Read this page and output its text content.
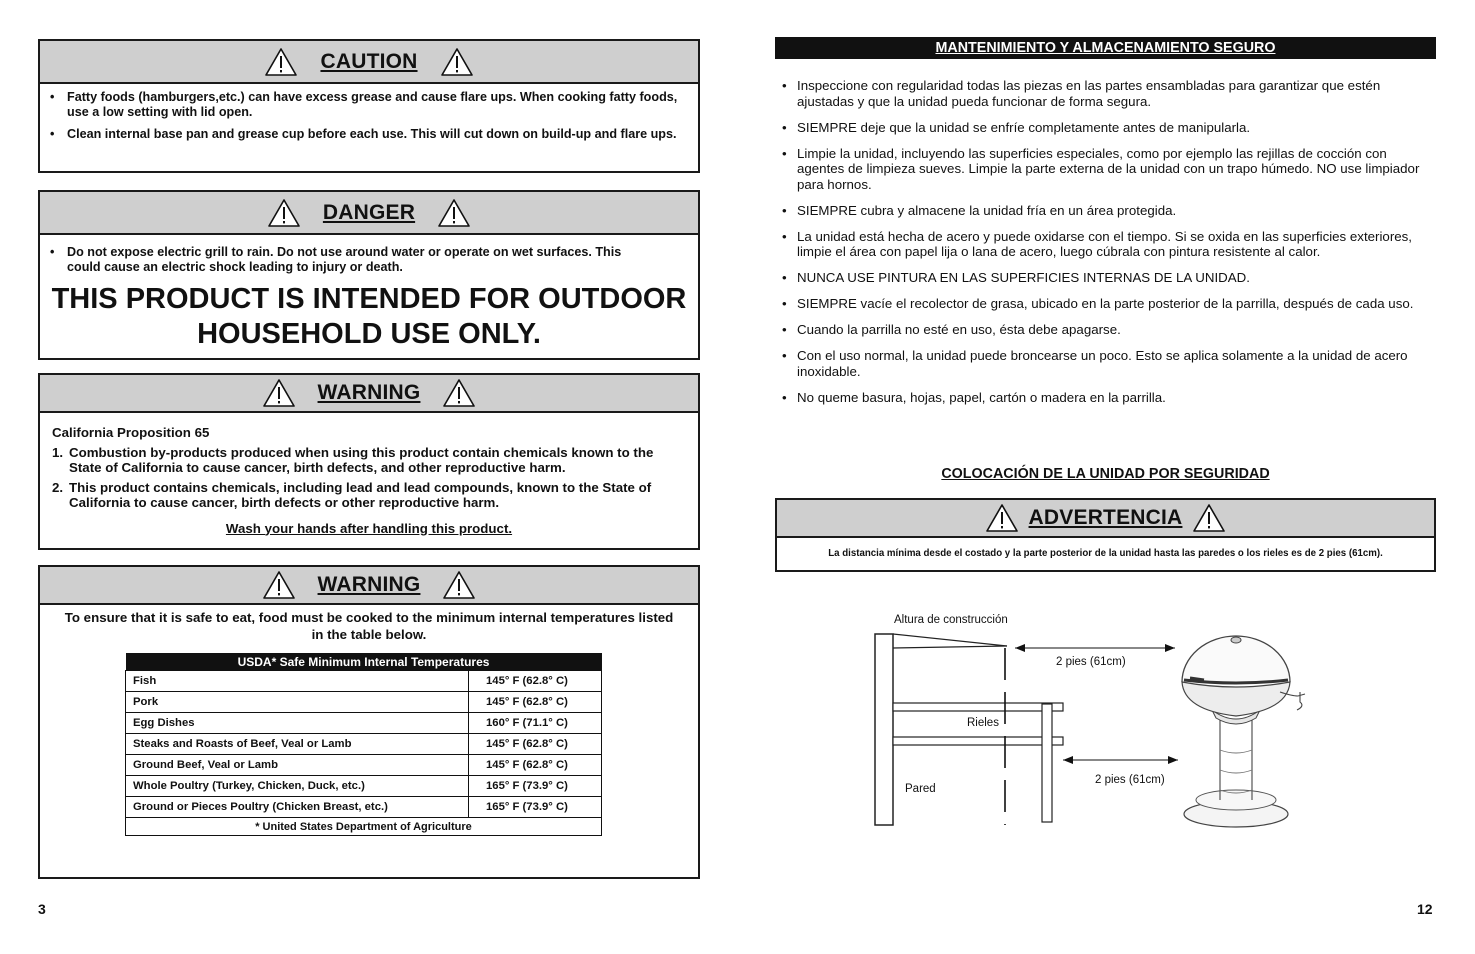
CAUTION
• Fatty foods (hamburgers,etc.) can have excess grease and cause flare ups. When cooking fatty foods, use a low setting with lid open.
• Clean internal base pan and grease cup before each use. This will cut down on build-up and flare ups.
DANGER
• Do not expose electric grill to rain. Do not use around water or operate on wet surfaces. This could cause an electric shock leading to injury or death.
THIS PRODUCT IS INTENDED FOR OUTDOOR
HOUSEHOLD USE ONLY.
WARNING
California Proposition 65
1. Combustion by-products produced when using this product contain chemicals known to the State of California to cause cancer, birth defects, and other reproductive harm.
2. This product contains chemicals, including lead and lead compounds, known to the State of California to cause cancer, birth defects or other reproductive harm.
Wash your hands after handling this product.
WARNING
To ensure that it is safe to eat, food must be cooked to the minimum internal temperatures listed in the table below.
USDA* Safe Minimum Internal Temperatures	
Fish	145° F (62.8° C)
Pork	145° F (62.8° C)
Egg Dishes	160° F (71.1° C)
Steaks and Roasts of Beef, Veal or Lamb	145° F (62.8° C)
Ground Beef, Veal or Lamb	145° F (62.8° C)
Whole Poultry (Turkey, Chicken, Duck, etc.)	165° F (73.9° C)
Ground or Pieces Poultry (Chicken Breast, etc.)	165° F (73.9° C)
* United States Department of Agriculture	
3
MANTENIMIENTO Y ALMACENAMIENTO SEGURO
• Inspeccione con regularidad todas las piezas en las partes ensambladas para garantizar que estén ajustadas y que la unidad pueda funcionar de forma segura.
• SIEMPRE deje que la unidad se enfríe completamente antes de manipularla.
• Limpie la unidad, incluyendo las superficies especiales, como por ejemplo las rejillas de cocción con agentes de limpieza sueves. Limpie la parte externa de la unidad con un trapo húmedo. NO use limpiador para hornos.
• SIEMPRE cubra y almacene la unidad fría en un área protegida.
• La unidad está hecha de acero y puede oxidarse con el tiempo. Si se oxida en las superficies exteriores, limpie el área con papel lija o lana de acero, luego cúbrala con pintura resistente al calor.
• NUNCA USE PINTURA EN LAS SUPERFICIES INTERNAS DE LA UNIDAD.
• SIEMPRE vacíe el recolector de grasa, ubicado en la parte posterior de la parrilla, después de cada uso.
• Cuando la parrilla no esté en uso, ésta debe apagarse.
• Con el uso normal, la unidad puede broncearse un poco. Esto se aplica solamente a la unidad de acero inoxidable.
• No queme basura, hojas, papel, cartón o madera en la parrilla.
COLOCACIÓN DE LA UNIDAD POR SEGURIDAD
ADVERTENCIA
La distancia mínima desde el costado y la parte posterior de la unidad hasta las paredes o los rieles es de 2 pies (61cm).
Altura de construcción
2 pies (61cm)
Rieles
2 pies (61cm)
Pared
12
